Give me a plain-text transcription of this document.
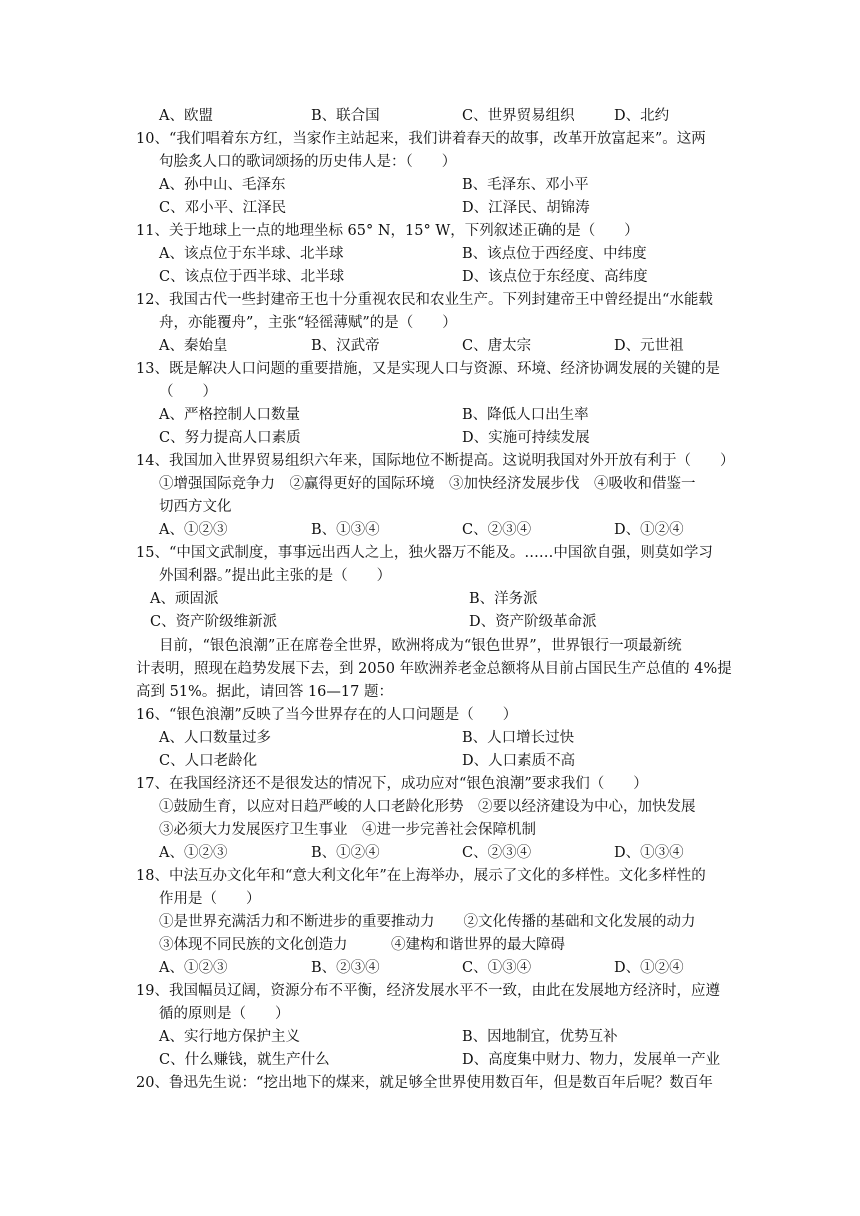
A、欧盟	B、联合国	C、世界贸易组织	D、北约
10、“我们唱着东方红，当家作主站起来，我们讲着春天的故事，改革开放富起来”。这两
句脍炙人口的歌词颂扬的历史伟人是：（　　）
A、孙中山、毛泽东	B、毛泽东、邓小平
C、邓小平、江泽民	D、江泽民、胡锦涛
11、关于地球上一点的地理坐标 65° N，15° W，下列叙述正确的是（　　）
A、该点位于东半球、北半球	B、该点位于西经度、中纬度
C、该点位于西半球、北半球	D、该点位于东经度、高纬度
12、我国古代一些封建帝王也十分重视农民和农业生产。下列封建帝王中曾经提出“水能载
舟，亦能覆舟”，主张“轻徭薄赋”的是（　　）
A、秦始皇	B、汉武帝	C、唐太宗	D、元世祖
13、既是解决人口问题的重要措施，又是实现人口与资源、环境、经济协调发展的关键的是
（　　）
A、严格控制人口数量	B、降低人口出生率
C、努力提高人口素质	D、实施可持续发展
14、我国加入世界贸易组织六年来，国际地位不断提高。这说明我国对外开放有利于（　　）
①增强国际竞争力　②赢得更好的国际环境　③加快经济发展步伐　④吸收和借鉴一
切西方文化
A、①②③	B、①③④	C、②③④	D、①②④
15、“中国文武制度，事事远出西人之上，独火器万不能及。……中国欲自强，则莫如学习
外国利器。”提出此主张的是（　　）
A、顽固派	B、洋务派
C、资产阶级维新派	D、资产阶级革命派
目前，“银色浪潮”正在席卷全世界，欧洲将成为“银色世界”，世界银行一项最新统
计表明，照现在趋势发展下去，到 2050 年欧洲养老金总额将从目前占国民生产总值的 4%提
高到 51%。据此，请回答 16—17 题：
16、“银色浪潮”反映了当今世界存在的人口问题是（　　）
A、人口数量过多	B、人口增长过快
C、人口老龄化	D、人口素质不高
17、在我国经济还不是很发达的情况下，成功应对“银色浪潮”要求我们（　　）
①鼓励生育，以应对日趋严峻的人口老龄化形势　②要以经济建设为中心，加快发展
③必须大力发展医疗卫生事业　④进一步完善社会保障机制
A、①②③	B、①②④	C、②③④	D、①③④
18、中法互办文化年和“意大利文化年”在上海举办，展示了文化的多样性。文化多样性的
作用是（　　）
①是世界充满活力和不断进步的重要推动力　　②文化传播的基础和文化发展的动力
③体现不同民族的文化创造力　　　④建构和谐世界的最大障碍
A、①②③	B、②③④	C、①③④	D、①②④
19、我国幅员辽阔，资源分布不平衡，经济发展水平不一致，由此在发展地方经济时，应遵
循的原则是（　　）
A、实行地方保护主义	B、因地制宜，优势互补
C、什么赚钱，就生产什么	D、高度集中财力、物力，发展单一产业
20、鲁迅先生说：“挖出地下的煤来，就足够全世界使用数百年，但是数百年后呢？数百年
